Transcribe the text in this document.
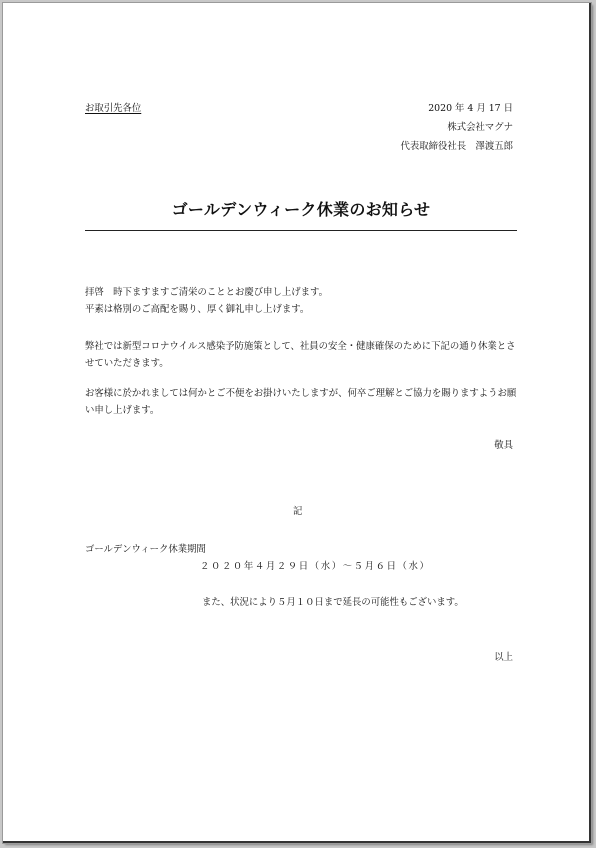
お取引先各位	2020 年 4 月 17 日
株式会社マグナ
代表取締役社長　澤渡五郎
ゴールデンウィーク休業のお知らせ
拝啓　時下ますますご清栄のこととお慶び申し上げます。
平素は格別のご高配を賜り、厚く御礼申し上げます。
弊社では新型コロナウイルス感染予防施策として、社員の安全・健康確保のために下記の通り休業とさせていただきます。
お客様に於かれましては何かとご不便をお掛けいたしますが、何卒ご理解とご協力を賜りますようお願い申し上げます。
敬具
記
ゴールデンウィーク休業期間
２０２０年４月２９日（水）～５月６日（水）
また、状況により５月１０日まで延長の可能性もございます。
以上
